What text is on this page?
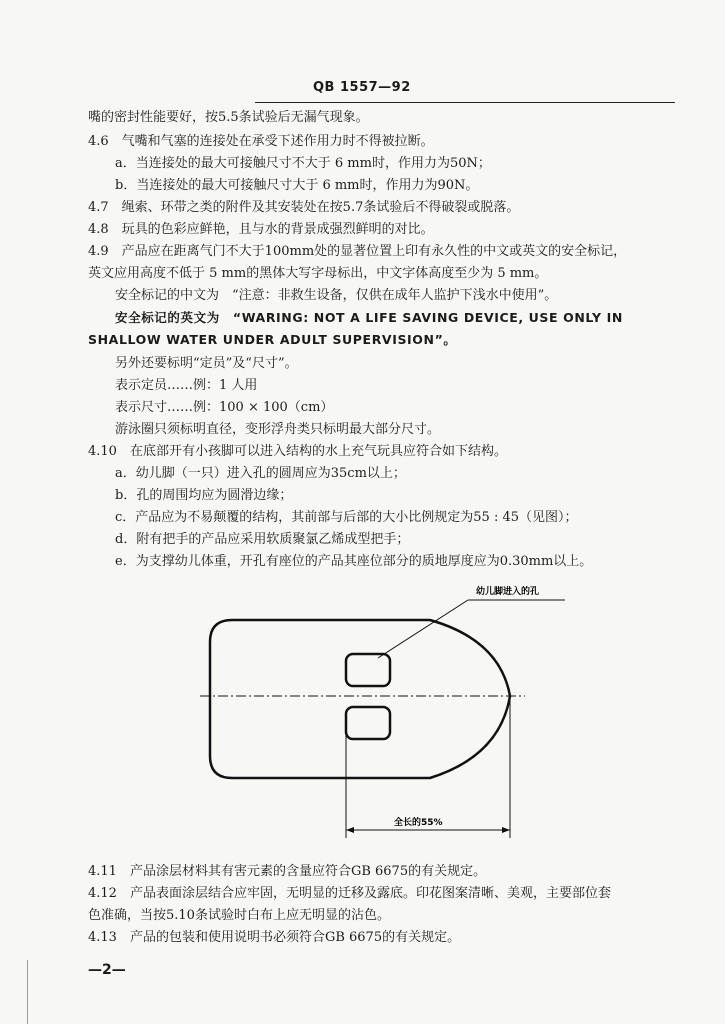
QB 1557—92
嘴的密封性能要好，按5.5条试验后无漏气现象。
4.6　气嘴和气塞的连接处在承受下述作用力时不得被拉断。
a．当连接处的最大可接触尺寸不大于 6 mm时，作用力为50N；
b．当连接处的最大可接触尺寸大于 6 mm时，作用力为90N。
4.7　绳索、环带之类的附件及其安装处在按5.7条试验后不得破裂或脱落。
4.8　玩具的色彩应鲜艳，且与水的背景成强烈鲜明的对比。
4.9　产品应在距离气门不大于100mm处的显著位置上印有永久性的中文或英文的安全标记，
英文应用高度不低于 5 mm的黑体大写字母标出，中文字体高度至少为 5 mm。
安全标记的中文为　“注意：非救生设备，仅供在成年人监护下浅水中使用”。
安全标记的英文为　“WARING: NOT A LIFE SAVING DEVICE, USE ONLY IN
SHALLOW WATER UNDER ADULT SUPERVISION”。
另外还要标明“定员”及“尺寸”。
表示定员……例：1 人用
表示尺寸……例：100 × 100（cm）
游泳圈只须标明直径，变形浮舟类只标明最大部分尺寸。
4.10　在底部开有小孩脚可以进入结构的水上充气玩具应符合如下结构。
a．幼儿脚（一只）进入孔的圆周应为35cm以上；
b．孔的周围均应为圆滑边缘；
c．产品应为不易颠覆的结构，其前部与后部的大小比例规定为55 : 45（见图）；
d．附有把手的产品应采用软质聚氯乙烯成型把手；
e．为支撑幼儿体重，开孔有座位的产品其座位部分的质地厚度应为0.30mm以上。
幼儿脚进入的孔
全长的55%
4.11　产品涂层材料其有害元素的含量应符合GB 6675的有关规定。
4.12　产品表面涂层结合应牢固，无明显的迁移及露底。印花图案清晰、美观，主要部位套
色准确，当按5.10条试验时白布上应无明显的沾色。
4.13　产品的包装和使用说明书必须符合GB 6675的有关规定。
—2—
